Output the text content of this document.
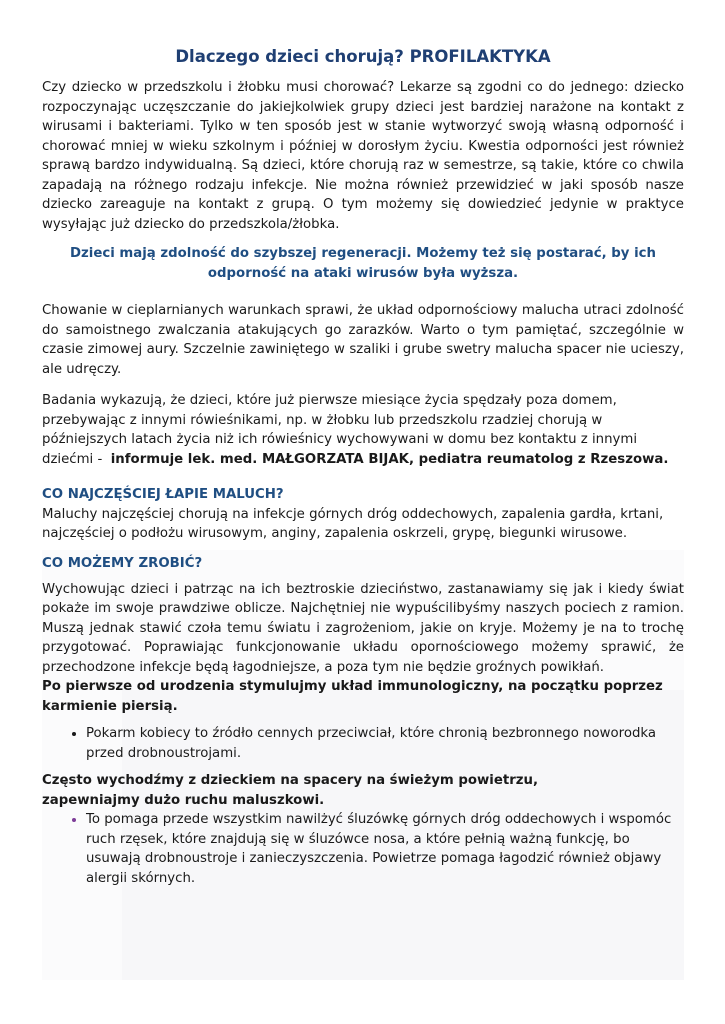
Dlaczego dzieci chorują? PROFILAKTYKA

Czy dziecko w przedszkolu i żłobku musi chorować? Lekarze są zgodni co do jednego: dziecko rozpoczynając uczęszczanie do jakiejkolwiek grupy dzieci jest bardziej narażone na kontakt z wirusami i bakteriami. Tylko w ten sposób jest w stanie wytworzyć swoją własną odporność i chorować mniej w wieku szkolnym i później w dorosłym życiu. Kwestia odporności jest również sprawą bardzo indywidualną. Są dzieci, które chorują raz w semestrze, są takie, które co chwila zapadają na różnego rodzaju infekcje. Nie można również przewidzieć w jaki sposób nasze dziecko zareaguje na kontakt z grupą. O tym możemy się dowiedzieć jedynie w praktyce wysyłając już dziecko do przedszkola/żłobka.

Dzieci mają zdolność do szybszej regeneracji. Możemy też się postarać, by ich odporność na ataki wirusów była wyższa.

Chowanie w cieplarnianych warunkach sprawi, że układ odpornościowy malucha utraci zdolność do samoistnego zwalczania atakujących go zarazków. Warto o tym pamiętać, szczególnie w czasie zimowej aury. Szczelnie zawiniętego w szaliki i grube swetry malucha spacer nie ucieszy, ale udręczy.

Badania wykazują, że dzieci, które już pierwsze miesiące życia spędzały poza domem, przebywając z innymi rówieśnikami, np. w żłobku lub przedszkolu rzadziej chorują w późniejszych latach życia niż ich rówieśnicy wychowywani w domu bez kontaktu z innymi dziećmi - informuje lek. med. MAŁGORZATA BIJAK, pediatra reumatolog z Rzeszowa.

CO NAJCZĘŚCIEJ ŁAPIE MALUCH?

Maluchy najczęściej chorują na infekcje górnych dróg oddechowych, zapalenia gardła, krtani, najczęściej o podłożu wirusowym, anginy, zapalenia oskrzeli, grypę, biegunki wirusowe.

CO MOŻEMY ZROBIĆ?

Wychowując dzieci i patrząc na ich beztroskie dzieciństwo, zastanawiamy się jak i kiedy świat pokaże im swoje prawdziwe oblicze. Najchętniej nie wypuścilibyśmy naszych pociech z ramion. Muszą jednak stawić czoła temu światu i zagrożeniom, jakie on kryje. Możemy je na to trochę przygotować. Poprawiając funkcjonowanie układu opornościowego możemy sprawić, że przechodzone infekcje będą łagodniejsze, a poza tym nie będzie groźnych powikłań.

Po pierwsze od urodzenia stymulujmy układ immunologiczny, na początku poprzez karmienie piersią.

• Pokarm kobiecy to źródło cennych przeciwciał, które chronią bezbronnego noworodka przed drobnoustrojami.

Często wychodźmy z dzieckiem na spacery na świeżym powietrzu,

zapewniajmy dużo ruchu maluszkowi.

• To pomaga przede wszystkim nawilżyć śluzówkę górnych dróg oddechowych i wspomóc ruch rzęsek, które znajdują się w śluzówce nosa, a które pełnią ważną funkcję, bo usuwają drobnoustroje i zanieczyszczenia. Powietrze pomaga łagodzić również objawy alergii skórnych.
